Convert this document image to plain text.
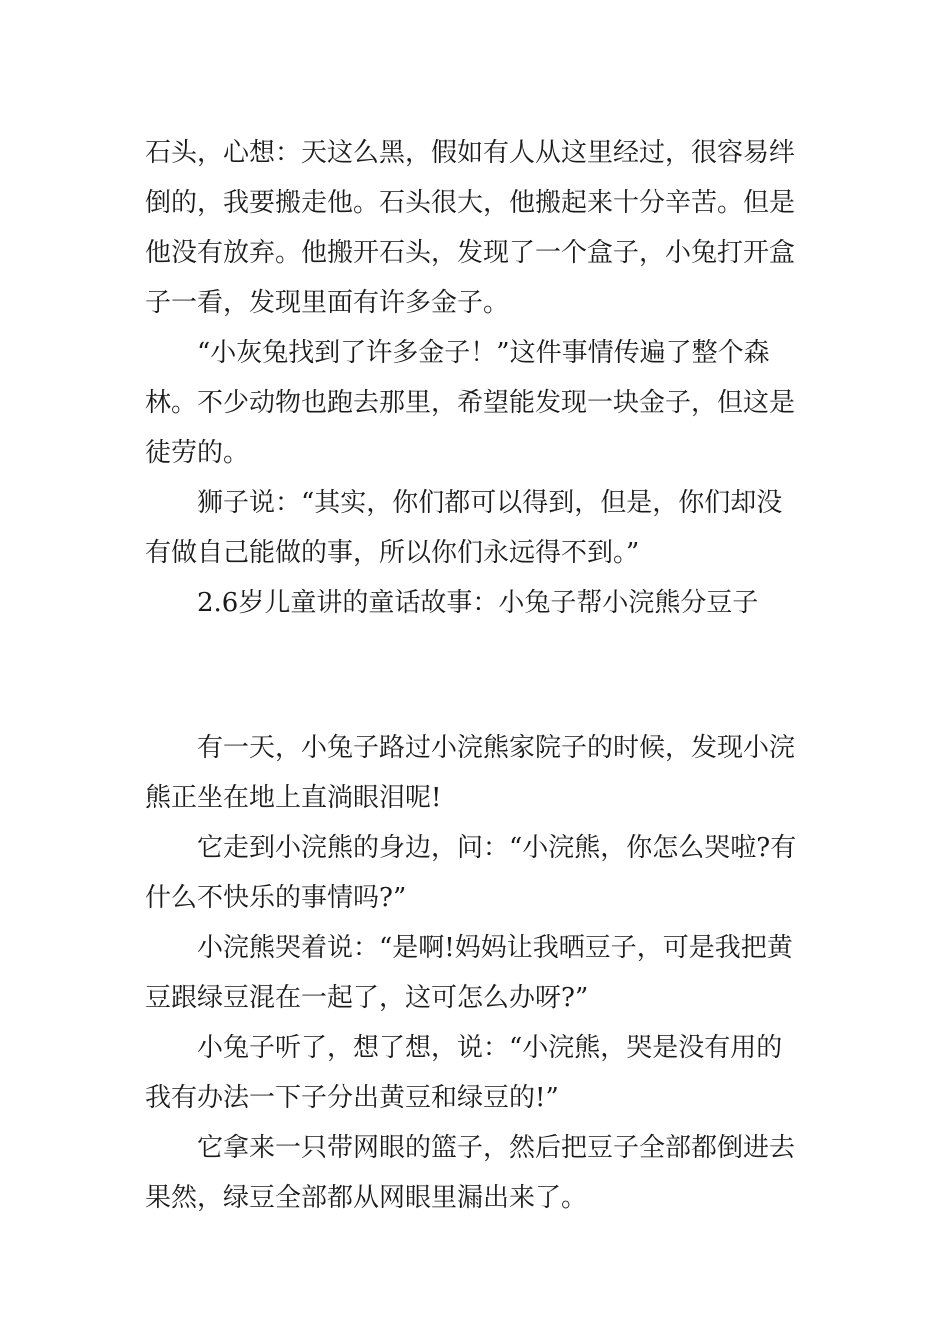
石头，心想：天这么黑，假如有人从这里经过，很容易绊
倒的，我要搬走他。石头很大，他搬起来十分辛苦。但是
他没有放弃。他搬开石头，发现了一个盒子，小兔打开盒
子一看，发现里面有许多金子。
“小灰兔找到了许多金子！”这件事情传遍了整个森
林。不少动物也跑去那里，希望能发现一块金子，但这是
徒劳的。
狮子说：“其实，你们都可以得到，但是，你们却没
有做自己能做的事，所以你们永远得不到。”
2.6岁儿童讲的童话故事：小兔子帮小浣熊分豆子
有一天，小兔子路过小浣熊家院子的时候，发现小浣
熊正坐在地上直淌眼泪呢!
它走到小浣熊的身边，问：“小浣熊，你怎么哭啦?有
什么不快乐的事情吗?”
小浣熊哭着说：“是啊!妈妈让我晒豆子，可是我把黄
豆跟绿豆混在一起了，这可怎么办呀?”
小兔子听了，想了想，说：“小浣熊，哭是没有用的
我有办法一下子分出黄豆和绿豆的!”
它拿来一只带网眼的篮子，然后把豆子全部都倒进去
果然，绿豆全部都从网眼里漏出来了。
